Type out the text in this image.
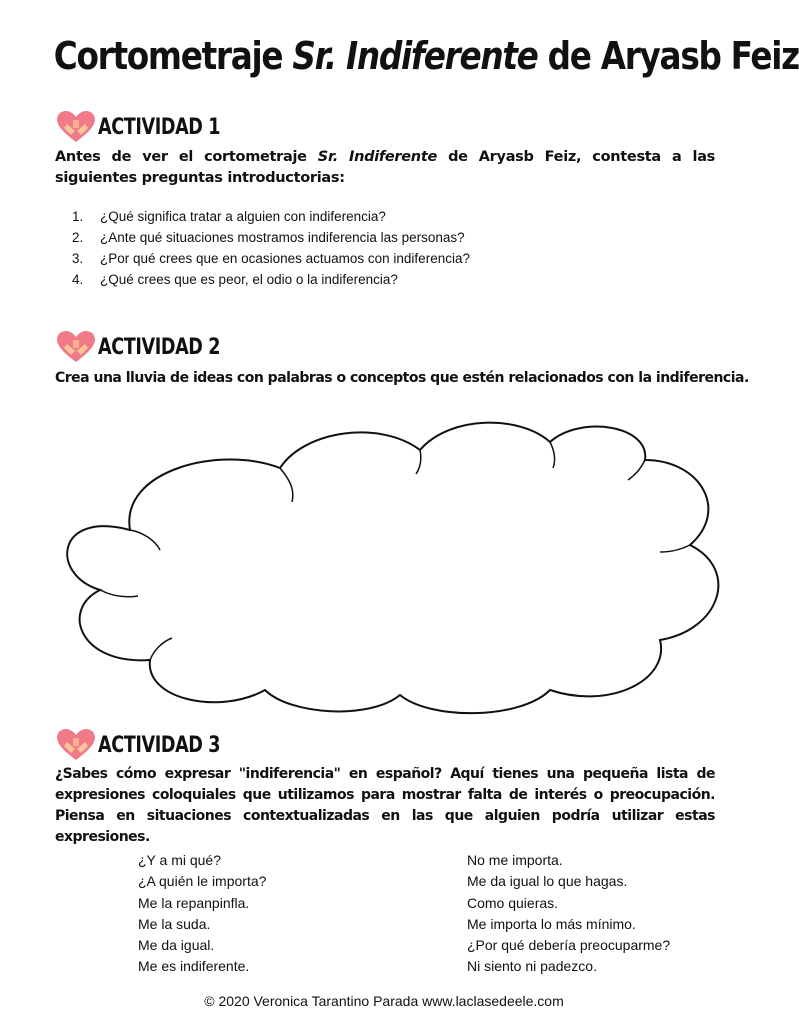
Cortometraje Sr. Indiferente de Aryasb Feiz
ACTIVIDAD 1
Antes de ver el cortometraje Sr. Indiferente de Aryasb Feiz, contesta a las siguientes preguntas introductorias:
1.	¿Qué significa tratar a alguien con indiferencia?
2.	¿Ante qué situaciones mostramos indiferencia las personas?
3.	¿Por qué crees que en ocasiones actuamos con indiferencia?
4.	¿Qué crees que es peor, el odio o la indiferencia?
ACTIVIDAD 2
Crea una lluvia de ideas con palabras o conceptos que estén relacionados con la indiferencia.
ACTIVIDAD 3
¿Sabes cómo expresar "indiferencia" en español? Aquí tienes una pequeña lista de expresiones coloquiales que utilizamos para mostrar falta de interés o preocupación. Piensa en situaciones contextualizadas en las que alguien podría utilizar estas expresiones.
¿Y a mi qué?
¿A quién le importa?
Me la repanpinfla.
Me la suda.
Me da igual.
Me es indiferente.
No me importa.
Me da igual lo que hagas.
Como quieras.
Me importa lo más mínimo.
¿Por qué debería preocuparme?
Ni siento ni padezco.
© 2020 Veronica Tarantino Parada www.laclasedeele.com
